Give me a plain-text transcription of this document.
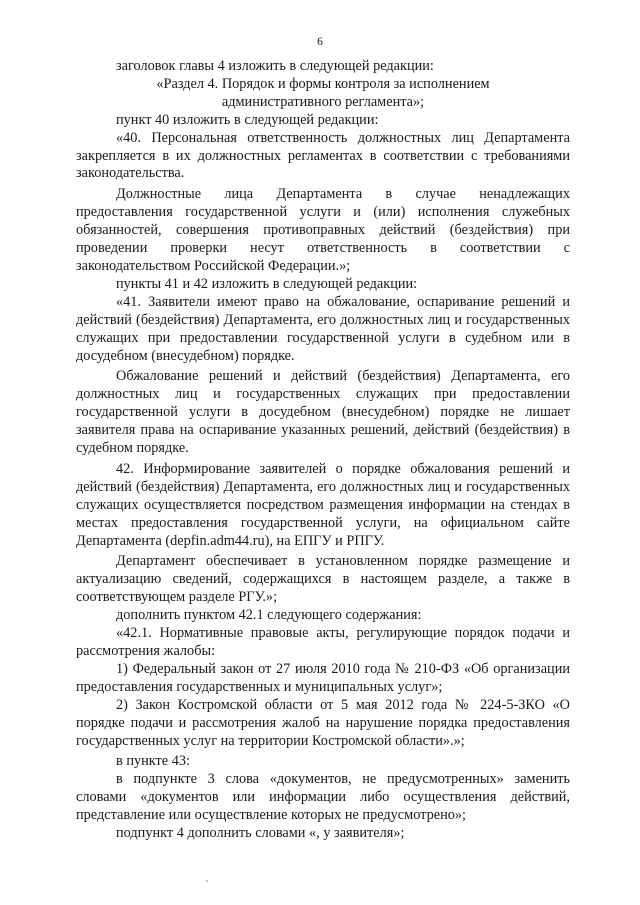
6

заголовок главы 4 изложить в следующей редакции:

«Раздел 4. Порядок и формы контроля за исполнением административного регламента»;

пункт 40 изложить в следующей редакции:

«40. Персональная ответственность должностных лиц Департамента закрепляется в их должностных регламентах в соответствии с требованиями законодательства.

Должностные лица Департамента в случае ненадлежащих предоставления государственной услуги и (или) исполнения служебных обязанностей, совершения противоправных действий (бездействия) при проведении проверки несут ответственность в соответствии с законодательством Российской Федерации.»;

пункты 41 и 42 изложить в следующей редакции:

«41. Заявители имеют право на обжалование, оспаривание решений и действий (бездействия) Департамента, его должностных лиц и государственных служащих при предоставлении государственной услуги в судебном или в досудебном (внесудебном) порядке.

Обжалование решений и действий (бездействия) Департамента, его должностных лиц и государственных служащих при предоставлении государственной услуги в досудебном (внесудебном) порядке не лишает заявителя права на оспаривание указанных решений, действий (бездействия) в судебном порядке.

42. Информирование заявителей о порядке обжалования решений и действий (бездействия) Департамента, его должностных лиц и государственных служащих осуществляется посредством размещения информации на стендах в местах предоставления государственной услуги, на официальном сайте Департамента (depfin.adm44.ru), на ЕПГУ и РПГУ.

Департамент обеспечивает в установленном порядке размещение и актуализацию сведений, содержащихся в настоящем разделе, а также в соответствующем разделе РГУ.»;

дополнить пунктом 42.1 следующего содержания:

«42.1. Нормативные правовые акты, регулирующие порядок подачи и рассмотрения жалобы:

1) Федеральный закон от 27 июля 2010 года № 210-ФЗ «Об организации предоставления государственных и муниципальных услуг»;

2) Закон Костромской области от 5 мая 2012 года № 224-5-ЗКО «О порядке подачи и рассмотрения жалоб на нарушение порядка предоставления государственных услуг на территории Костромской области».»;

в пункте 43:

в подпункте 3 слова «документов, не предусмотренных» заменить словами «документов или информации либо осуществления действий, представление или осуществление которых не предусмотрено»;

подпункт 4 дополнить словами «, у заявителя»;
